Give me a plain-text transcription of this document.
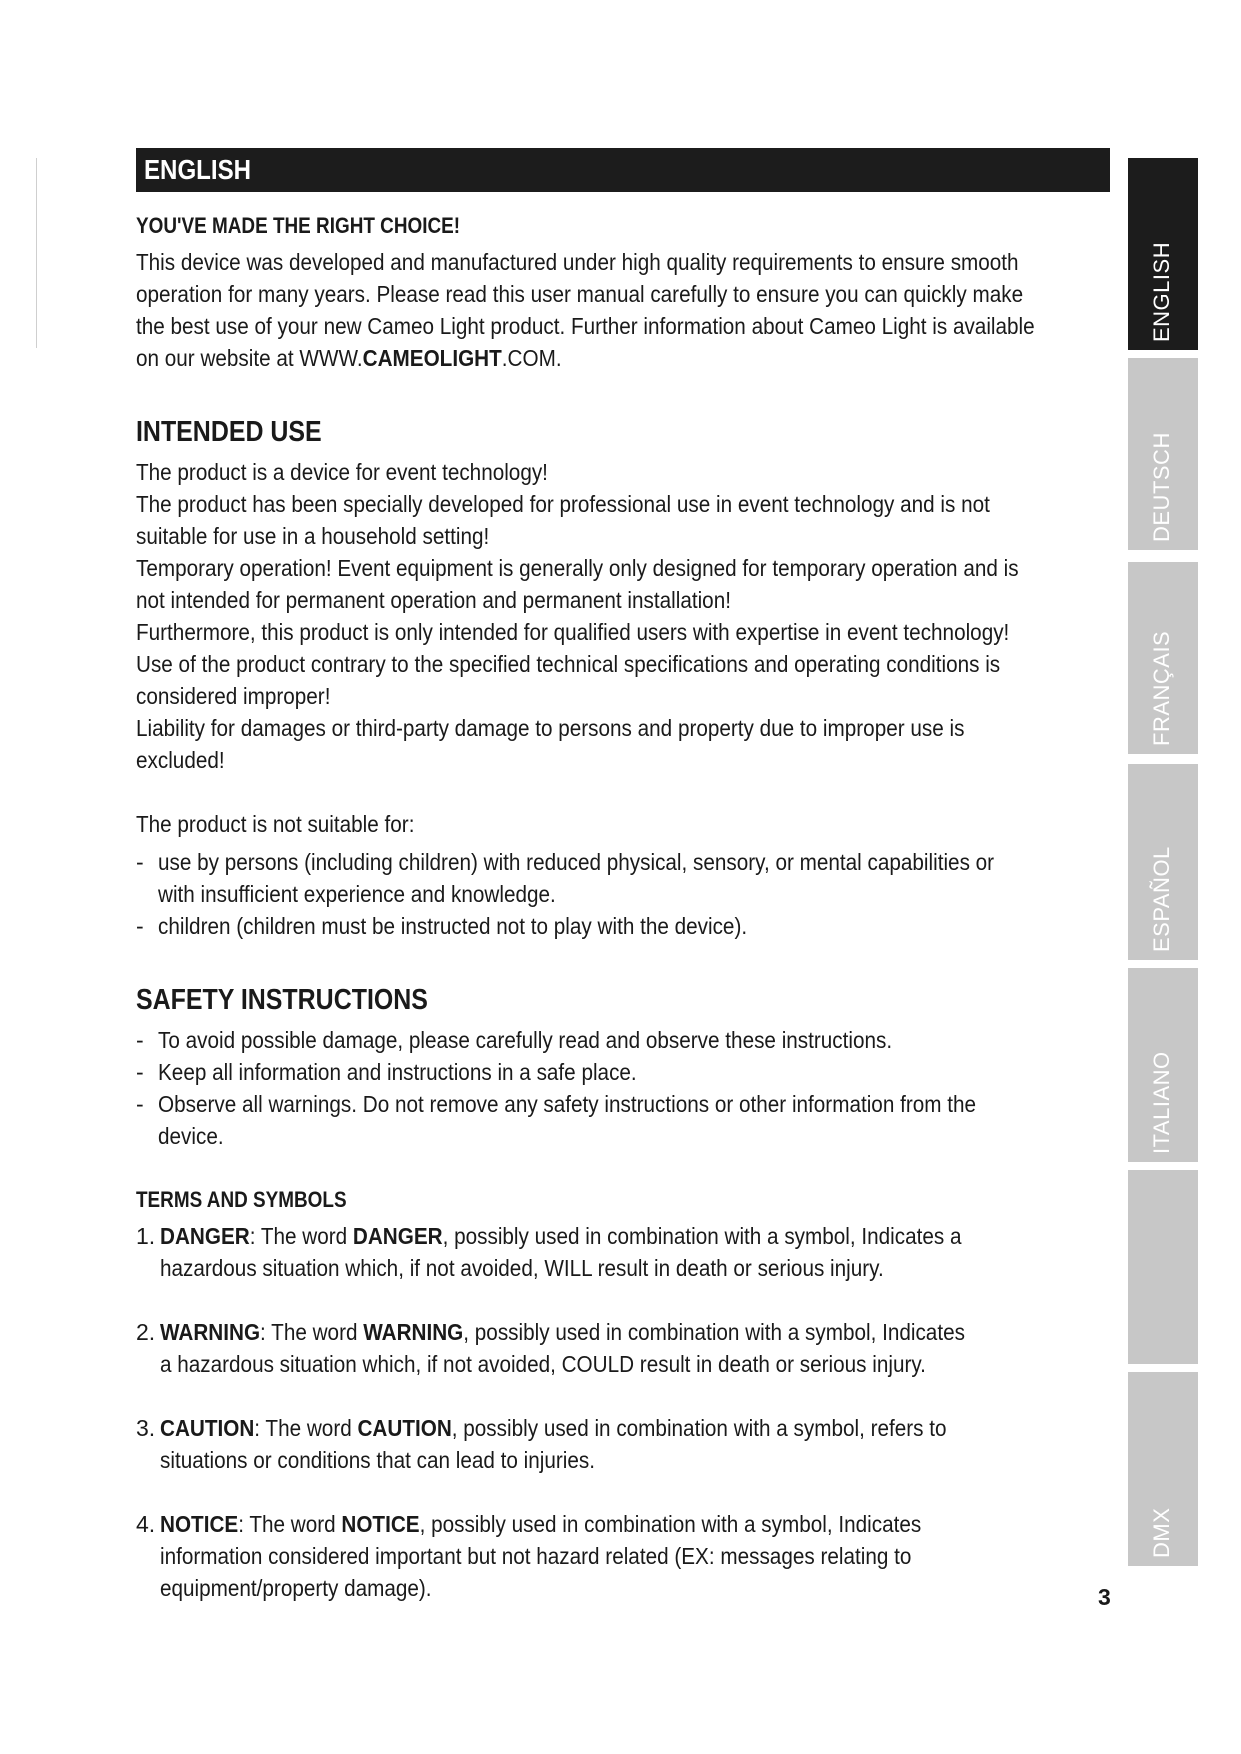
ENGLISH
YOU'VE MADE THE RIGHT CHOICE!
This device was developed and manufactured under high quality requirements to ensure smooth
operation for many years. Please read this user manual carefully to ensure you can quickly make
the best use of your new Cameo Light product. Further information about Cameo Light is available
on our website at WWW.CAMEOLIGHT.COM.
INTENDED USE
The product is a device for event technology!
The product has been specially developed for professional use in event technology and is not
suitable for use in a household setting!
Temporary operation! Event equipment is generally only designed for temporary operation and is
not intended for permanent operation and permanent installation!
Furthermore, this product is only intended for qualified users with expertise in event technology!
Use of the product contrary to the specified technical specifications and operating conditions is
considered improper!
Liability for damages or third-party damage to persons and property due to improper use is
excluded!
The product is not suitable for:
- use by persons (including children) with reduced physical, sensory, or mental capabilities or with insufficient experience and knowledge.
- children (children must be instructed not to play with the device).
SAFETY INSTRUCTIONS
- To avoid possible damage, please carefully read and observe these instructions.
- Keep all information and instructions in a safe place.
- Observe all warnings. Do not remove any safety instructions or other information from the device.
TERMS AND SYMBOLS
1. DANGER: The word DANGER, possibly used in combination with a symbol, Indicates a hazardous situation which, if not avoided, WILL result in death or serious injury.
2. WARNING: The word WARNING, possibly used in combination with a symbol, Indicates a hazardous situation which, if not avoided, COULD result in death or serious injury.
3. CAUTION: The word CAUTION, possibly used in combination with a symbol, refers to situations or conditions that can lead to injuries.
4. NOTICE: The word NOTICE, possibly used in combination with a symbol, Indicates information considered important but not hazard related (EX: messages relating to equipment/property damage).
ENGLISH
DEUTSCH
FRANÇAIS
ESPAÑOL
ITALIANO
DMX
3
